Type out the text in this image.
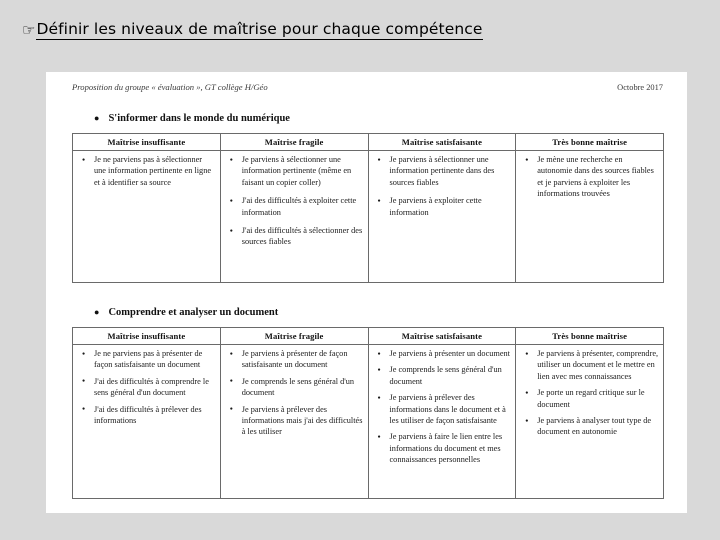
☞ Définir les niveaux de maîtrise pour chaque compétence
Proposition du groupe « évaluation », GT collège H/Géo	Octobre 2017
● S'informer dans le monde du numérique
Maîtrise insuffisante	Maîtrise fragile	Maîtrise satisfaisante	Très bonne maîtrise

● Je ne parviens pas à sélectionner une information pertinente en ligne et à identifier sa source

● Je parviens à sélectionner une information pertinente (même en faisant un copier coller)
● J'ai des difficultés à exploiter cette information
● J'ai des difficultés à sélectionner des sources fiables

● Je parviens à sélectionner une information pertinente dans des sources fiables
● Je parviens à exploiter cette information

● Je mène une recherche en autonomie dans des sources fiables et je parviens à exploiter les informations trouvées
● Comprendre et analyser un document
Maîtrise insuffisante	Maîtrise fragile	Maîtrise satisfaisante	Très bonne maîtrise

● Je ne parviens pas à présenter de façon satisfaisante un document
● J'ai des difficultés à comprendre le sens général d'un document
● J'ai des difficultés à prélever des informations

● Je parviens à présenter de façon satisfaisante un document
● Je comprends le sens général d'un document
● Je parviens à prélever des informations mais j'ai des difficultés à les utiliser

● Je parviens à présenter un document
● Je comprends le sens général d'un document
● Je parviens à prélever des informations dans le document et à les utiliser de façon satisfaisante
● Je parviens à faire le lien entre les informations du document et mes connaissances personnelles

● Je parviens à présenter, comprendre, utiliser un document et le mettre en lien avec mes connaissances
● Je porte un regard critique sur le document
● Je parviens à analyser tout type de document en autonomie
